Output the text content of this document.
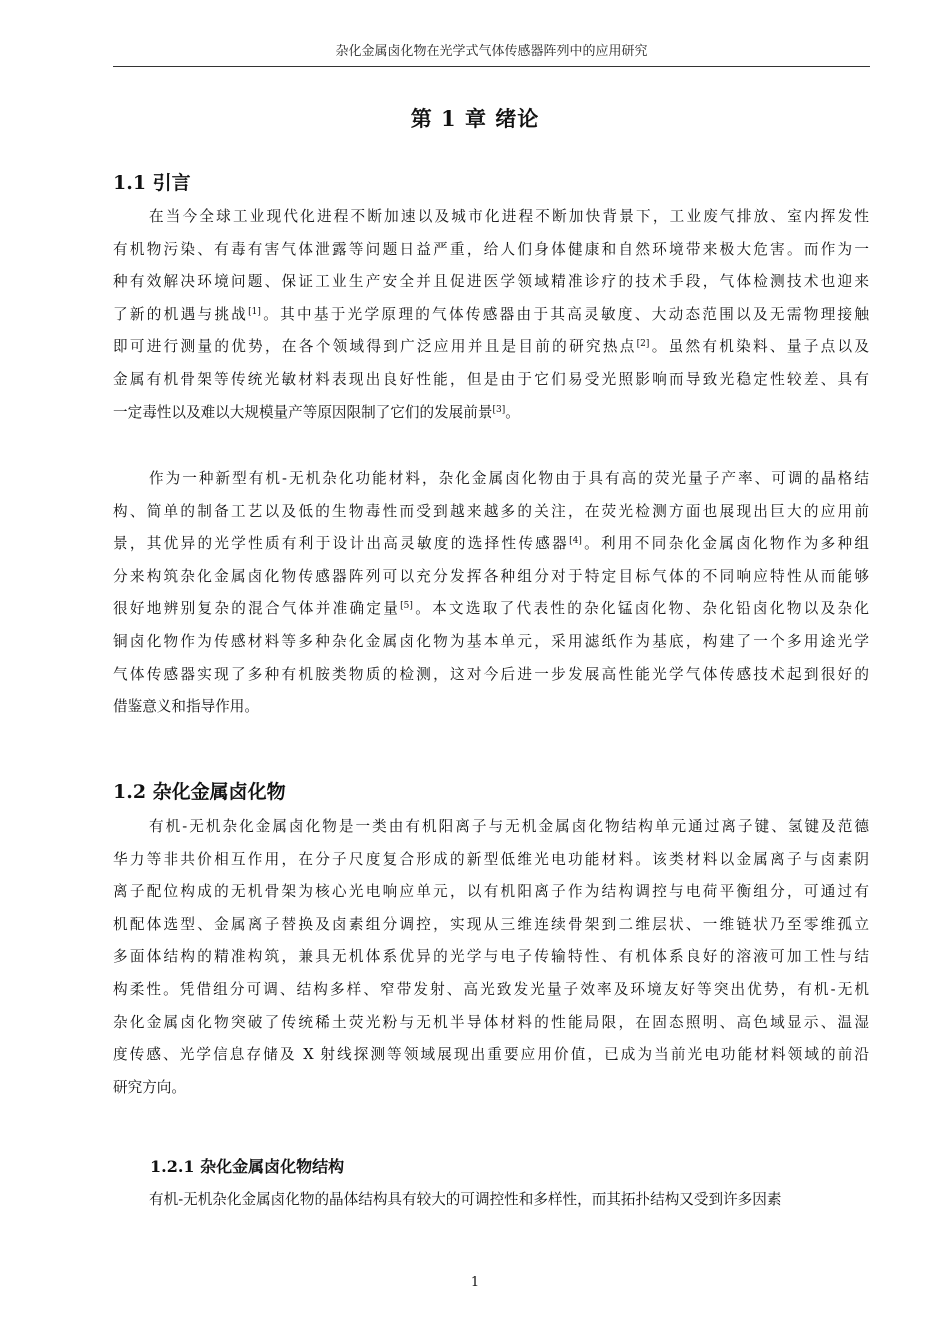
杂化金属卤化物在光学式气体传感器阵列中的应用研究
第 1 章 绪论
1.1 引言
在当今全球工业现代化进程不断加速以及城市化进程不断加快背景下，工业废气排放、室内挥发性
有机物污染、有毒有害气体泄露等问题日益严重，给人们身体健康和自然环境带来极大危害。而作为一
种有效解决环境问题、保证工业生产安全并且促进医学领域精准诊疗的技术手段，气体检测技术也迎来
了新的机遇与挑战[1]。其中基于光学原理的气体传感器由于其高灵敏度、大动态范围以及无需物理接触
即可进行测量的优势，在各个领域得到广泛应用并且是目前的研究热点[2]。虽然有机染料、量子点以及
金属有机骨架等传统光敏材料表现出良好性能，但是由于它们易受光照影响而导致光稳定性较差、具有
一定毒性以及难以大规模量产等原因限制了它们的发展前景[3]。
作为一种新型有机-无机杂化功能材料，杂化金属卤化物由于具有高的荧光量子产率、可调的晶格结
构、简单的制备工艺以及低的生物毒性而受到越来越多的关注，在荧光检测方面也展现出巨大的应用前
景，其优异的光学性质有利于设计出高灵敏度的选择性传感器[4]。利用不同杂化金属卤化物作为多种组
分来构筑杂化金属卤化物传感器阵列可以充分发挥各种组分对于特定目标气体的不同响应特性从而能够
很好地辨别复杂的混合气体并准确定量[5]。本文选取了代表性的杂化锰卤化物、杂化铅卤化物以及杂化
铜卤化物作为传感材料等多种杂化金属卤化物为基本单元，采用滤纸作为基底，构建了一个多用途光学
气体传感器实现了多种有机胺类物质的检测，这对今后进一步发展高性能光学气体传感技术起到很好的
借鉴意义和指导作用。
1.2 杂化金属卤化物
有机-无机杂化金属卤化物是一类由有机阳离子与无机金属卤化物结构单元通过离子键、氢键及范德
华力等非共价相互作用，在分子尺度复合形成的新型低维光电功能材料。该类材料以金属离子与卤素阴
离子配位构成的无机骨架为核心光电响应单元，以有机阳离子作为结构调控与电荷平衡组分，可通过有
机配体选型、金属离子替换及卤素组分调控，实现从三维连续骨架到二维层状、一维链状乃至零维孤立
多面体结构的精准构筑，兼具无机体系优异的光学与电子传输特性、有机体系良好的溶液可加工性与结
构柔性。凭借组分可调、结构多样、窄带发射、高光致发光量子效率及环境友好等突出优势，有机-无机
杂化金属卤化物突破了传统稀土荧光粉与无机半导体材料的性能局限，在固态照明、高色域显示、温湿
度传感、光学信息存储及 X 射线探测等领域展现出重要应用价值，已成为当前光电功能材料领域的前沿
研究方向。
1.2.1 杂化金属卤化物结构
有机-无机杂化金属卤化物的晶体结构具有较大的可调控性和多样性，而其拓扑结构又受到许多因素
1
